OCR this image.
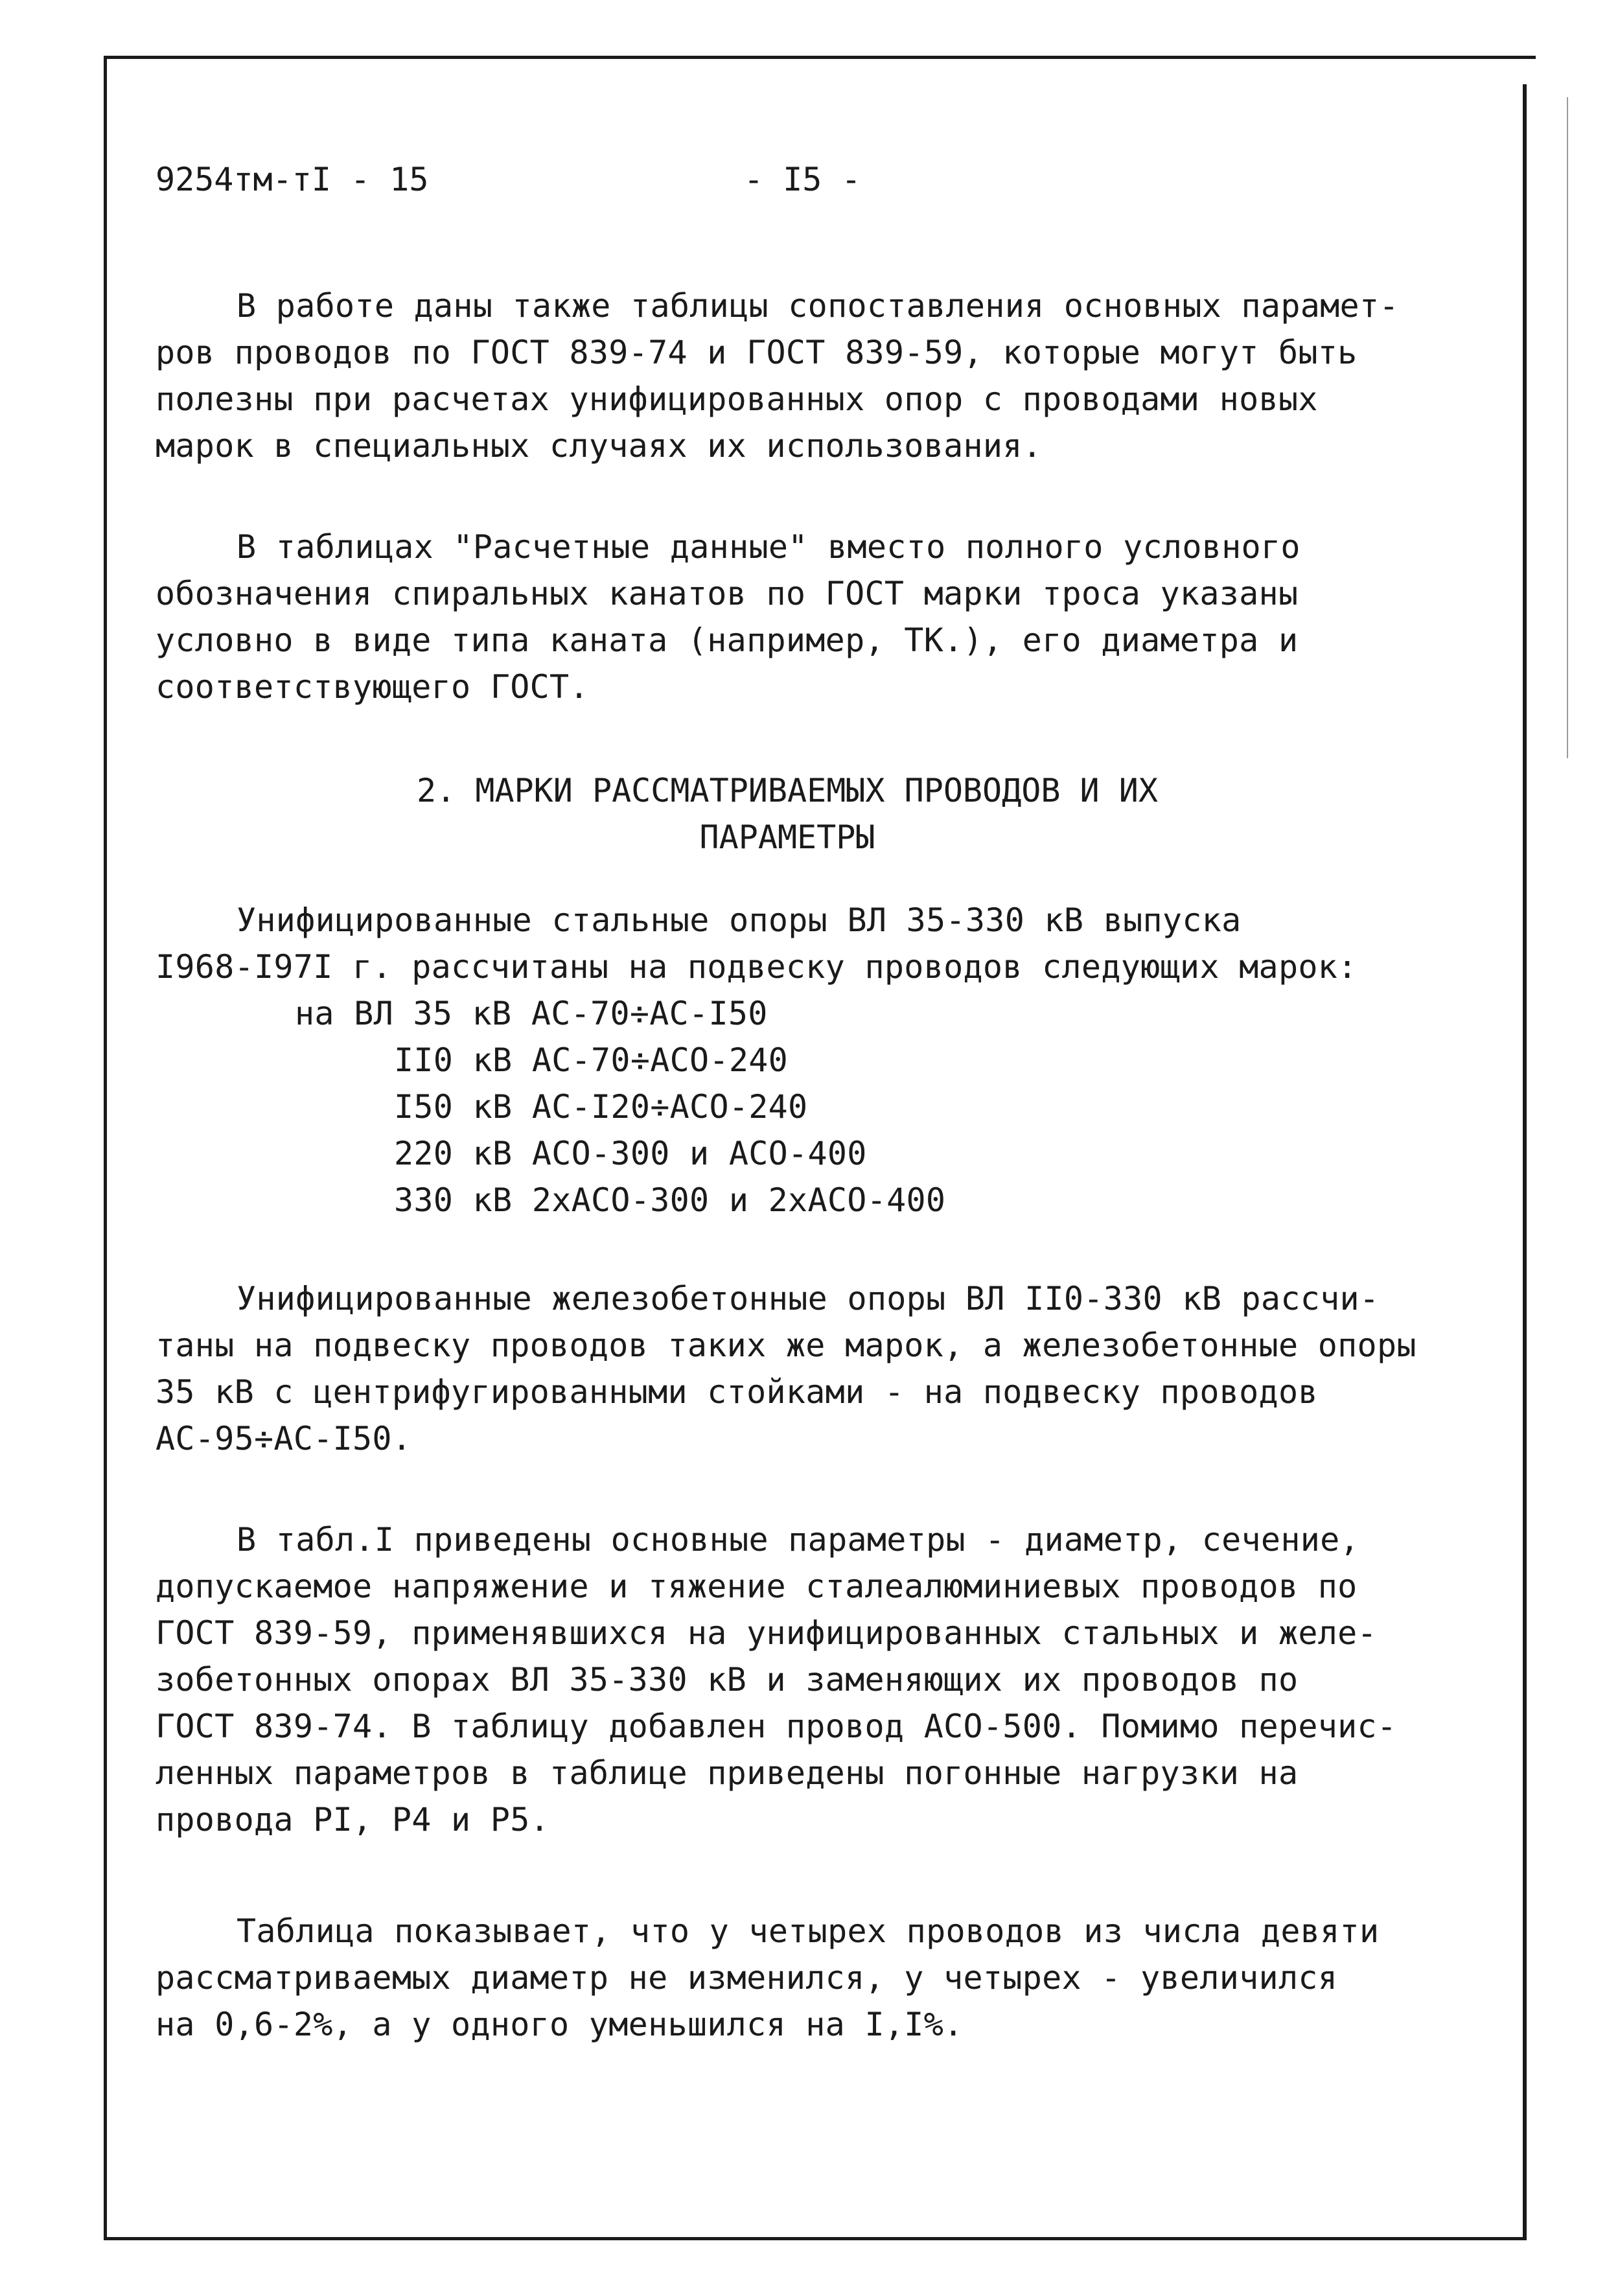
9254тм-тI - 15	- I5 -
В работе даны также таблицы сопоставления основных парамет-
ров проводов по ГОСТ 839-74 и ГОСТ 839-59, которые могут быть
полезны при расчетах унифицированных опор с проводами новых
марок в специальных случаях их использования.
В таблицах "Расчетные данные" вместо полного условного
обозначения спиральных канатов по ГОСТ марки троса указаны
условно в виде типа каната (например, ТК.), его диаметра и
соответствующего ГОСТ.
2. МАРКИ РАССМАТРИВАЕМЫХ ПРОВОДОВ И ИХ
ПАРАМЕТРЫ
Унифицированные стальные опоры ВЛ 35-330 кВ выпуска
I968-I97I г. рассчитаны на подвеску проводов следующих марок:
на ВЛ 35 кВ АС-70÷АС-I50
II0 кВ АС-70÷АСО-240
I50 кВ АС-I20÷АСО-240
220 кВ АСО-300 и АСО-400
330 кВ 2хАСО-300 и 2хАСО-400
Унифицированные железобетонные опоры ВЛ II0-330 кВ рассчи-
таны на подвеску проводов таких же марок, а железобетонные опоры
35 кВ с центрифугированными стойками - на подвеску проводов
АС-95÷АС-I50.
В табл.I приведены основные параметры - диаметр, сечение,
допускаемое напряжение и тяжение сталеалюминиевых проводов по
ГОСТ 839-59, применявшихся на унифицированных стальных и желе-
зобетонных опорах ВЛ 35-330 кВ и заменяющих их проводов по
ГОСТ 839-74. В таблицу добавлен провод АСО-500. Помимо перечис-
ленных параметров в таблице приведены погонные нагрузки на
провода PI, P4 и P5.
Таблица показывает, что у четырех проводов из числа девяти
рассматриваемых диаметр не изменился, у четырех - увеличился
на 0,6-2%, а у одного уменьшился на I,I%.
